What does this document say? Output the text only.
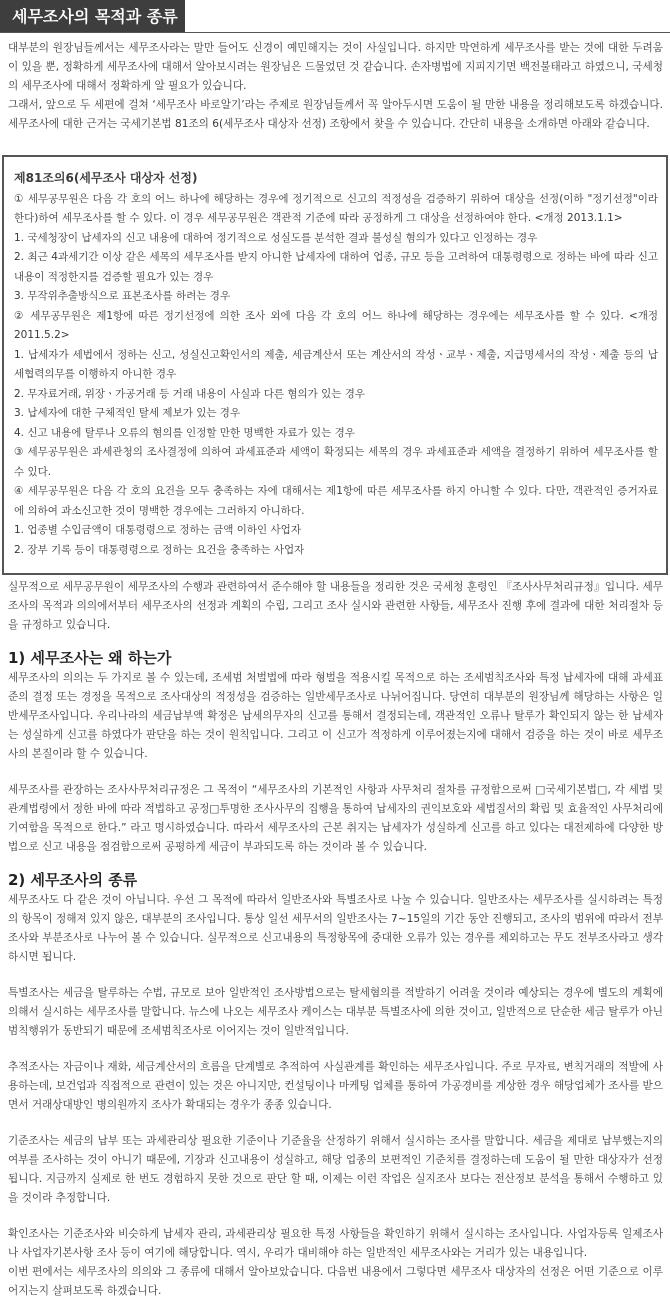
세무조사의 목적과 종류

대부분의 원장님들께서는 세무조사라는 말만 들어도 신경이 예민해지는 것이 사실입니다. 하지만 막연하게 세무조사를 받는 것에 대한 두려움이 있을 뿐, 정확하게 세무조사에 대해서 알아보시려는 원장님은 드물었던 것 같습니다. 손자병법에 지피지기면 백전불태라고 하였으니, 국세청의 세무조사에 대해서 정확하게 알 필요가 있습니다.

그래서, 앞으로 두 세편에 걸쳐 ‘세무조사 바로알기’라는 주제로 원장님들께서 꼭 알아두시면 도움이 될 만한 내용을 정리해보도록 하겠습니다. 세무조사에 대한 근거는 국세기본법 81조의 6(세무조사 대상자 선정) 조항에서 찾을 수 있습니다. 간단히 내용을 소개하면 아래와 같습니다.

제81조의6(세무조사 대상자 선정)

① 세무공무원은 다음 각 호의 어느 하나에 해당하는 경우에 정기적으로 신고의 적정성을 검증하기 위하여 대상을 선정(이하 "정기선정"이라 한다)하여 세무조사를 할 수 있다. 이 경우 세무공무원은 객관적 기준에 따라 공정하게 그 대상을 선정하여야 한다. <개정 2013.1.1>

1. 국세청장이 납세자의 신고 내용에 대하여 정기적으로 성실도를 분석한 결과 불성실 혐의가 있다고 인정하는 경우

2. 최근 4과세기간 이상 같은 세목의 세무조사를 받지 아니한 납세자에 대하여 업종, 규모 등을 고려하여 대통령령으로 정하는 바에 따라 신고 내용이 적정한지를 검증할 필요가 있는 경우

3. 무작위추출방식으로 표본조사를 하려는 경우

② 세무공무원은 제1항에 따른 정기선정에 의한 조사 외에 다음 각 호의 어느 하나에 해당하는 경우에는 세무조사를 할 수 있다. <개정 2011.5.2>

1. 납세자가 세법에서 정하는 신고, 성실신고확인서의 제출, 세금계산서 또는 계산서의 작성ㆍ교부ㆍ제출, 지급명세서의 작성ㆍ제출 등의 납세협력의무를 이행하지 아니한 경우

2. 무자료거래, 위장ㆍ가공거래 등 거래 내용이 사실과 다른 혐의가 있는 경우

3. 납세자에 대한 구체적인 탈세 제보가 있는 경우

4. 신고 내용에 탈루나 오류의 혐의를 인정할 만한 명백한 자료가 있는 경우

③ 세무공무원은 과세관청의 조사결정에 의하여 과세표준과 세액이 확정되는 세목의 경우 과세표준과 세액을 결정하기 위하여 세무조사를 할 수 있다.

④ 세무공무원은 다음 각 호의 요건을 모두 충족하는 자에 대해서는 제1항에 따른 세무조사를 하지 아니할 수 있다. 다만, 객관적인 증거자료에 의하여 과소신고한 것이 명백한 경우에는 그러하지 아니하다.

1. 업종별 수입금액이 대통령령으로 정하는 금액 이하인 사업자

2. 장부 기록 등이 대통령령으로 정하는 요건을 충족하는 사업자

실무적으로 세무공무원이 세무조사의 수행과 관련하여서 준수해야 할 내용들을 정리한 것은 국세청 훈령인 『조사사무처리규정』입니다. 세무조사의 목적과 의의에서부터 세무조사의 선정과 계획의 수립, 그리고 조사 실시와 관련한 사항들, 세무조사 진행 후에 결과에 대한 처리절차 등을 규정하고 있습니다.

1) 세무조사는 왜 하는가

세무조사의 의의는 두 가지로 볼 수 있는데, 조세범 처벌법에 따라 형벌을 적용시킬 목적으로 하는 조세범칙조사와 특정 납세자에 대해 과세표준의 결정 또는 경정을 목적으로 조사대상의 적정성을 검증하는 일반세무조사로 나뉘어집니다. 당연히 대부분의 원장님께 해당하는 사항은 일반세무조사입니다. 우리나라의 세금납부액 확정은 납세의무자의 신고를 통해서 결정되는데, 객관적인 오류나 탈루가 확인되지 않는 한 납세자는 성실하게 신고를 하였다가 판단을 하는 것이 원칙입니다. 그리고 이 신고가 적정하게 이루어졌는지에 대해서 검증을 하는 것이 바로 세무조사의 본질이라 할 수 있습니다.

세무조사를 관장하는 조사사무처리규정은 그 목적이 “세무조사의 기본적인 사항과 사무처리 절차를 규정함으로써 □국세기본법□, 각 세법 및 관계법령에서 정한 바에 따라 적법하고 공정□투명한 조사사무의 집행을 통하여 납세자의 권익보호와 세법질서의 확립 및 효율적인 사무처리에 기여함을 목적으로 한다.” 라고 명시하였습니다. 따라서 세무조사의 근본 취지는 납세자가 성실하게 신고를 하고 있다는 대전제하에 다양한 방법으로 신고 내용을 점검함으로써 공평하게 세금이 부과되도록 하는 것이라 볼 수 있습니다.

2) 세무조사의 종류

세무조사도 다 같은 것이 아닙니다. 우선 그 목적에 따라서 일반조사와 특별조사로 나눌 수 있습니다. 일반조사는 세무조사를 실시하려는 특정의 항목이 정해져 있지 않은, 대부분의 조사입니다. 통상 일선 세무서의 일반조사는 7~15일의 기간 동안 진행되고, 조사의 범위에 따라서 전부조사와 부분조사로 나누어 볼 수 있습니다. 실무적으로 신고내용의 특정항목에 중대한 오류가 있는 경우를 제외하고는 무도 전부조사라고 생각하시면 됩니다.

특별조사는 세금을 탈루하는 수법, 규모로 보아 일반적인 조사방법으로는 탈세혐의를 적발하기 어려울 것이라 예상되는 경우에 별도의 계획에 의해서 실시하는 세무조사를 말합니다. 뉴스에 나오는 세무조사 케이스는 대부분 특별조사에 의한 것이고, 일반적으로 단순한 세금 탈루가 아닌 범칙행위가 동반되기 때문에 조세범칙조사로 이어지는 것이 일반적입니다.

추적조사는 자금이나 재화, 세금계산서의 흐름을 단계별로 추적하여 사실관계를 확인하는 세무조사입니다. 주로 무자료, 변칙거래의 적발에 사용하는데, 보건업과 직접적으로 관련이 있는 것은 아니지만, 컨설팅이나 마케팅 업체를 통하여 가공경비를 계상한 경우 해당업체가 조사를 받으면서 거래상대방인 병의원까지 조사가 확대되는 경우가 종종 있습니다.

기준조사는 세금의 납부 또는 과세관리상 필요한 기준이나 기준율을 산정하기 위해서 실시하는 조사를 말합니다. 세금을 제대로 납부했는지의 여부를 조사하는 것이 아니기 때문에, 기장과 신고내용이 성실하고, 해당 업종의 보편적인 기준치를 결정하는데 도움이 될 만한 대상자가 선정됩니다. 지금까지 실제로 한 번도 경험하지 못한 것으로 판단 할 때, 이제는 이런 작업은 실지조사 보다는 전산정보 분석을 통해서 수행하고 있을 것이라 추정합니다.

확인조사는 기준조사와 비슷하게 납세자 관리, 과세관리상 필요한 특정 사항들을 확인하기 위해서 실시하는 조사입니다. 사업자등록 일제조사나 사업자기본사항 조사 등이 여기에 해당합니다. 역시, 우리가 대비해야 하는 일반적인 세무조사와는 거리가 있는 내용입니다.

이번 편에서는 세무조사의 의의와 그 종류에 대해서 알아보았습니다. 다음번 내용에서 그렇다면 세무조사 대상자의 선정은 어떤 기준으로 이루어지는지 살펴보도록 하겠습니다.
